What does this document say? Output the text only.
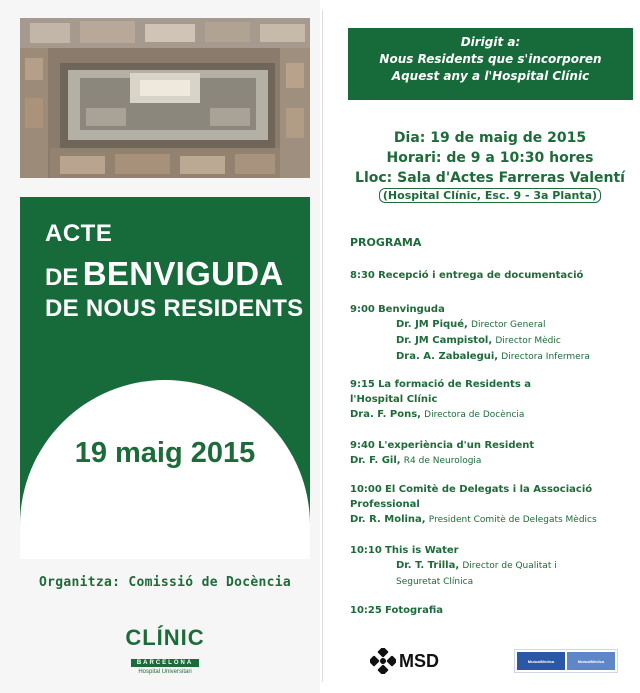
ACTE
DE BENVIGUDA
DE NOUS RESIDENTS
19 maig 2015
Organitza: Comissió de Docència
CLÍNIC
BARCELONA
Hospital Universitari
Dirigit a:
Nous Residents que s'incorporen
Aquest any a l'Hospital Clínic
Dia: 19 de maig de 2015
Horari: de 9 a 10:30 hores
Lloc: Sala d'Actes Farreras Valentí
(Hospital Clínic, Esc. 9 - 3a Planta)
PROGRAMA
8:30 Recepció i entrega de documentació
9:00 Benvinguda
Dr. JM Piqué, Director General
Dr. JM Campistol, Director Mèdic
Dra. A. Zabalegui, Directora Infermera
9:15 La formació de Residents a
l'Hospital Clínic
Dra. F. Pons, Directora de Docència
9:40 L'experiència d'un Resident
Dr. F. Gil, R4 de Neurologia
10:00 El Comitè de Delegats i la Associació
Professional
Dr. R. Molina, President Comitè de Delegats Mèdics
10:10 This is Water
Dr. T. Trilla, Director de Qualitat i
Seguretat Clínica
10:25 Fotografia
MSD	MutualMèdica	MutualMèdica
